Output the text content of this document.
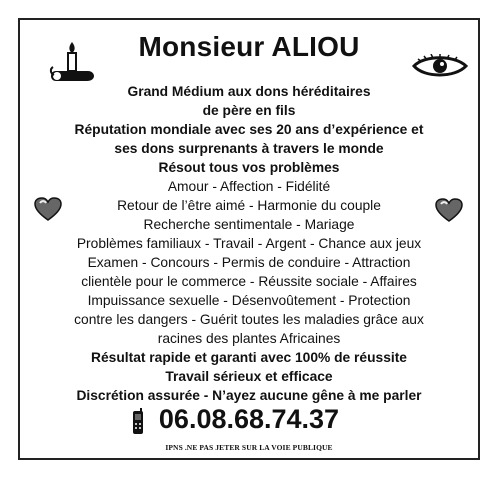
Monsieur ALIOU
Grand Médium aux dons héréditaires
de père en fils
Réputation mondiale avec ses 20 ans d’expérience et
ses dons surprenants à travers le monde
Résout tous vos problèmes
Amour - Affection - Fidélité
Retour de l’être aimé - Harmonie du couple
Recherche sentimentale - Mariage
Problèmes familiaux - Travail - Argent - Chance aux jeux
Examen - Concours - Permis de conduire - Attraction
clientèle pour le commerce - Réussite sociale - Affaires
Impuissance sexuelle - Désenvoûtement - Protection
contre les dangers - Guérit toutes les maladies grâce aux
racines des plantes Africaines
Résultat rapide et garanti avec 100% de réussite
Travail sérieux et efficace
Discrétion assurée - N’ayez aucune gêne à me parler
06.08.68.74.37
IPNS .NE PAS JETER SUR LA VOIE PUBLIQUE
